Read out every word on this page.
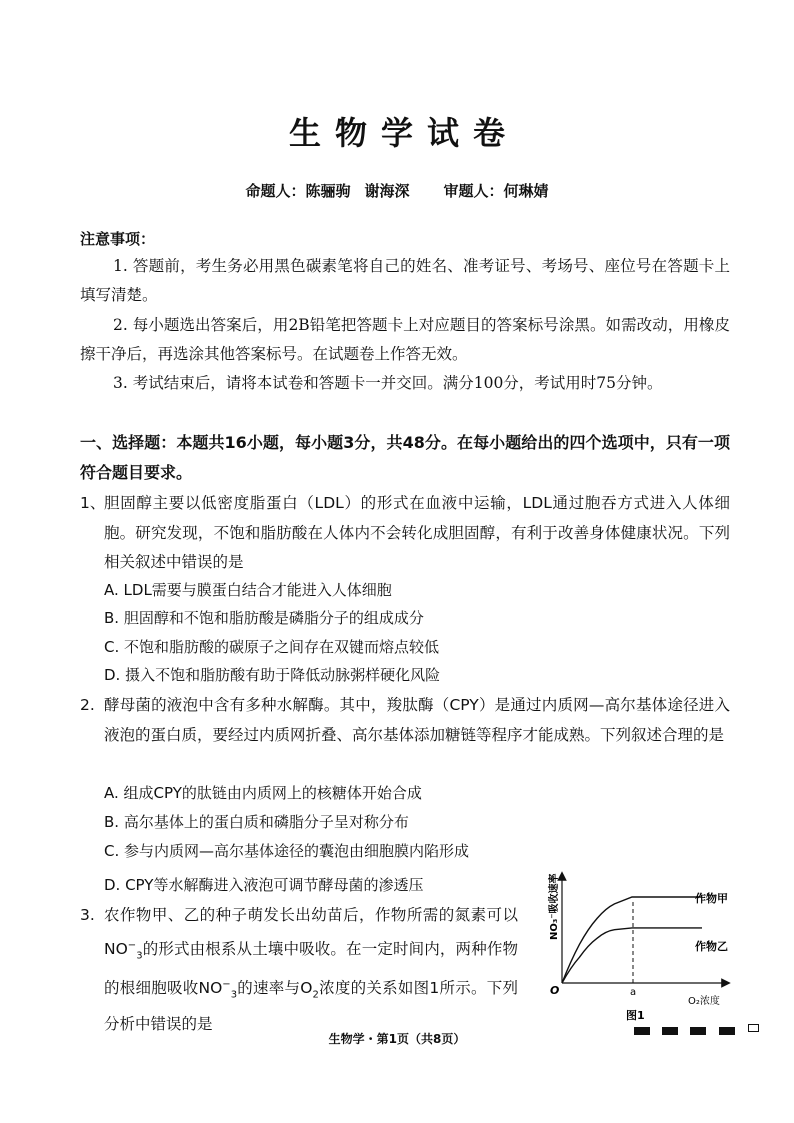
生物学试卷
命题人：陈骊驹 谢海深 审题人：何琳婧
注意事项：
1. 答题前，考生务必用黑色碳素笔将自己的姓名、准考证号、考场号、座位号在答题卡上填写清楚。
2. 每小题选出答案后，用2B铅笔把答题卡上对应题目的答案标号涂黑。如需改动，用橡皮擦干净后，再选涂其他答案标号。在试题卷上作答无效。
3. 考试结束后，请将本试卷和答题卡一并交回。满分100分，考试用时75分钟。
一、选择题：本题共16小题，每小题3分，共48分。在每小题给出的四个选项中，只有一项符合题目要求。
1、
胆固醇主要以低密度脂蛋白（LDL）的形式在血液中运输，LDL通过胞吞方式进入人体细胞。研究发现，不饱和脂肪酸在人体内不会转化成胆固醇，有利于改善身体健康状况。下列相关叙述中错误的是
A. LDL需要与膜蛋白结合才能进入人体细胞
B. 胆固醇和不饱和脂肪酸是磷脂分子的组成成分
C. 不饱和脂肪酸的碳原子之间存在双键而熔点较低
D. 摄入不饱和脂肪酸有助于降低动脉粥样硬化风险
2. 酵母菌的液泡中含有多种水解酶。其中，羧肽酶（CPY）是通过内质网—高尔基体途径进入液泡的蛋白质，要经过内质网折叠、高尔基体添加糖链等程序才能成熟。下列叙述合理的是
A. 组成CPY的肽链由内质网上的核糖体开始合成
B. 高尔基体上的蛋白质和磷脂分子呈对称分布
C. 参与内质网—高尔基体途径的囊泡由细胞膜内陷形成
D. CPY等水解酶进入液泡可调节酵母菌的渗透压
3. 农作物甲、乙的种子萌发长出幼苗后，作物所需的氮素可以$NO^-_3$的形式由根系从土壤中吸收。在一定时间内，两种作物的根细胞吸收$NO^-_3$的速率与$O_2$浓度的关系如图1所示。下列分析中错误的是
NO₃⁻吸收速率
O	a
O₂浓度
作物甲
作物乙
图1
生物学・第1页（共8页）
